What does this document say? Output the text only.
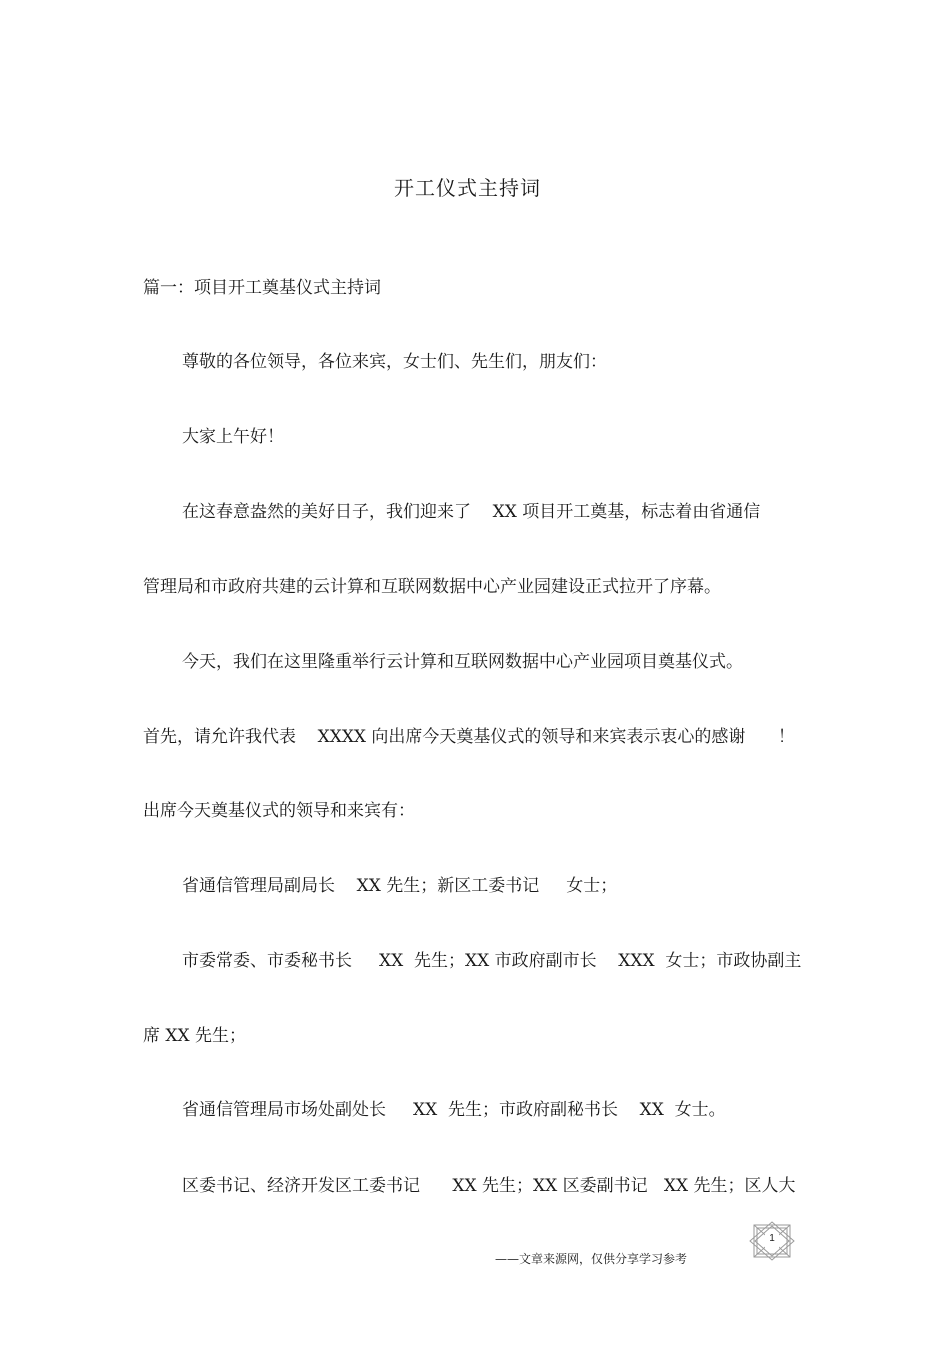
开工仪式主持词
篇一：项目开工奠基仪式主持词
尊敬的各位领导，各位来宾，女士们、先生们，朋友们：
大家上午好！
在这春意盎然的美好日子，我们迎来了    XX 项目开工奠基，标志着由省通信
管理局和市政府共建的云计算和互联网数据中心产业园建设正式拉开了序幕。
今天，我们在这里隆重举行云计算和互联网数据中心产业园项目奠基仪式。
首先，请允许我代表    XXXX 向出席今天奠基仪式的领导和来宾表示衷心的感谢      ！
出席今天奠基仪式的领导和来宾有：
省通信管理局副局长    XX 先生；新区工委书记     女士；
市委常委、市委秘书长     XX  先生；XX 市政府副市长    XXX  女士；市政协副主
席 XX 先生；
省通信管理局市场处副处长     XX  先生；市政府副秘书长    XX  女士。
区委书记、经济开发区工委书记      XX 先生；XX 区委副书记   XX 先生；区人大
——文章来源网，仅供分享学习参考
1
